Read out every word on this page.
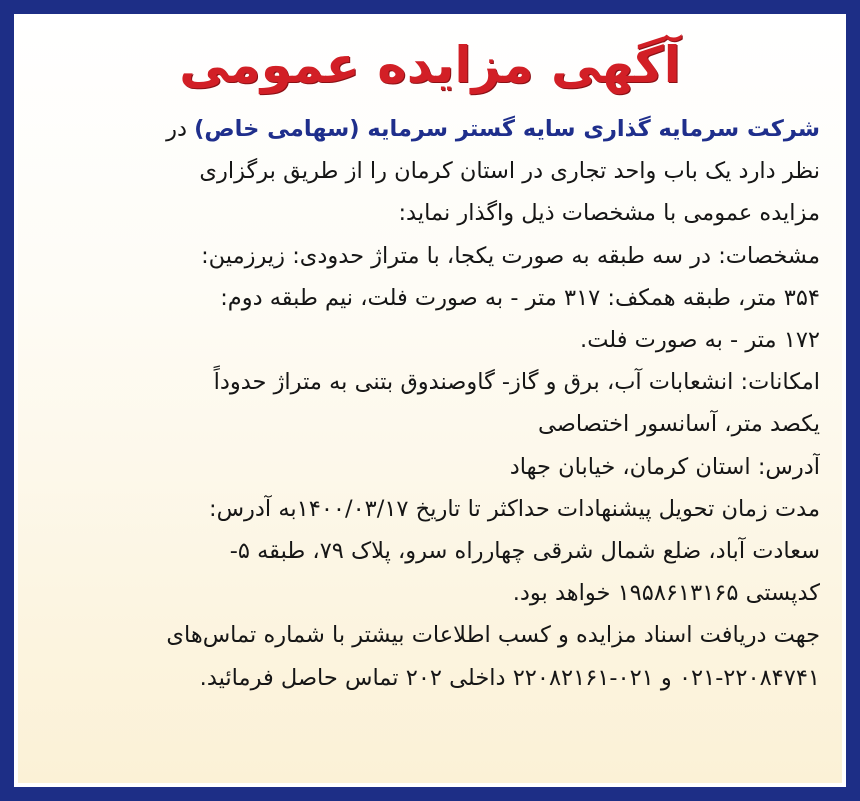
آگهی مزایده عمومی
شرکت سرمایه گذاری سایه گستر سرمایه (سهامی خاص) در
نظر دارد یک باب واحد تجاری در استان کرمان را از طریق برگزاری
مزایده عمومی با مشخصات ذیل واگذار نماید:
مشخصات: در سه طبقه به صورت یکجا، با متراژ حدودی: زیرزمین:
۳۵۴ متر، طبقه همکف: ۳۱۷ متر - به صورت فلت، نیم طبقه دوم:
۱۷۲ متر - به صورت فلت.
امکانات: انشعابات آب، برق و گاز- گاوصندوق بتنی به متراژ حدوداً
یکصد متر، آسانسور اختصاصی
آدرس: استان کرمان، خیابان جهاد
مدت زمان تحویل پیشنهادات حداکثر تا تاریخ ۱۴۰۰/۰۳/۱۷به آدرس:
سعادت آباد، ضلع شمال شرقی چهارراه سرو، پلاک ۷۹، طبقه ۵-
کدپستی ۱۹۵۸۶۱۳۱۶۵ خواهد بود.
جهت دریافت اسناد مزایده و کسب اطلاعات بیشتر با شماره تماس‌های
۰۲۱-۲۲۰۸۴۷۴۱ و ۰۲۱-۲۲۰۸۲۱۶۱ داخلی ۲۰۲ تماس حاصل فرمائید.
